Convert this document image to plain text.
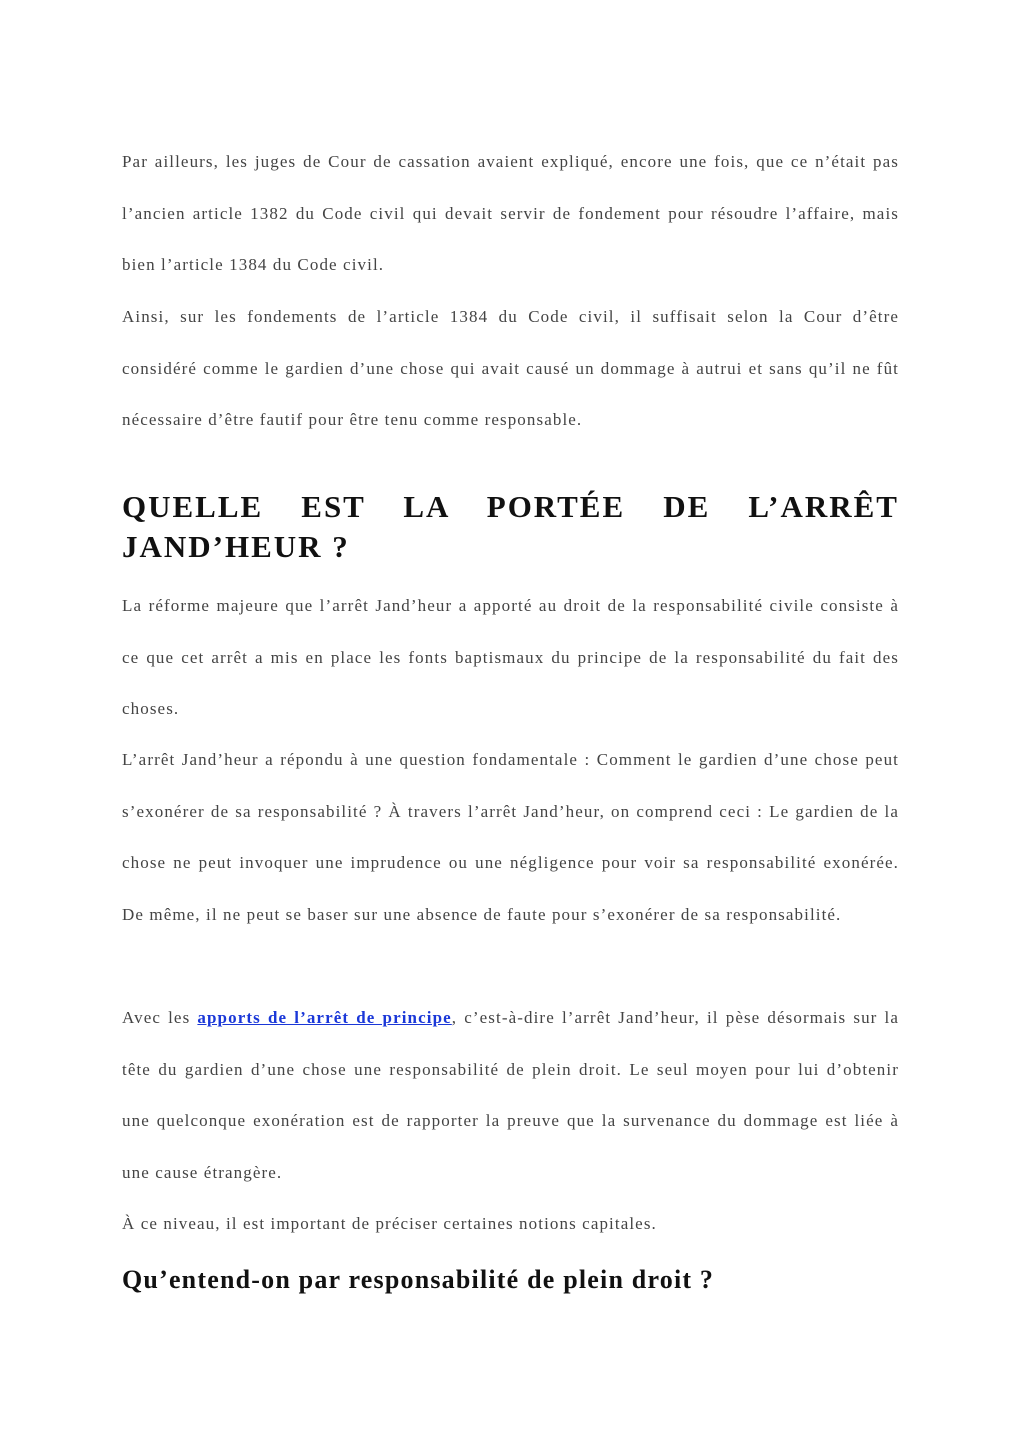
Par ailleurs, les juges de Cour de cassation avaient expliqué, encore une fois, que ce n’était pas l’ancien article 1382 du Code civil qui devait servir de fondement pour résoudre l’affaire, mais bien l’article 1384 du Code civil.

Ainsi, sur les fondements de l’article 1384 du Code civil, il suffisait selon la Cour d’être considéré comme le gardien d’une chose qui avait causé un dommage à autrui et sans qu’il ne fût nécessaire d’être fautif pour être tenu comme responsable.

QUELLE EST LA PORTÉE DE L’ARRÊT
JAND’HEUR ?

La réforme majeure que l’arrêt Jand’heur a apporté au droit de la responsabilité civile consiste à ce que cet arrêt a mis en place les fonts baptismaux du principe de la responsabilité du fait des choses.

L’arrêt Jand’heur a répondu à une question fondamentale : Comment le gardien d’une chose peut s’exonérer de sa responsabilité ? À travers l’arrêt Jand’heur, on comprend ceci : Le gardien de la chose ne peut invoquer une imprudence ou une négligence pour voir sa responsabilité exonérée. De même, il ne peut se baser sur une absence de faute pour s’exonérer de sa responsabilité.

Avec les apports de l’arrêt de principe, c’est-à-dire l’arrêt Jand’heur, il pèse désormais sur la tête du gardien d’une chose une responsabilité de plein droit. Le seul moyen pour lui d’obtenir une quelconque exonération est de rapporter la preuve que la survenance du dommage est liée à une cause étrangère.

À ce niveau, il est important de préciser certaines notions capitales.

Qu’entend-on par responsabilité de plein droit ?
